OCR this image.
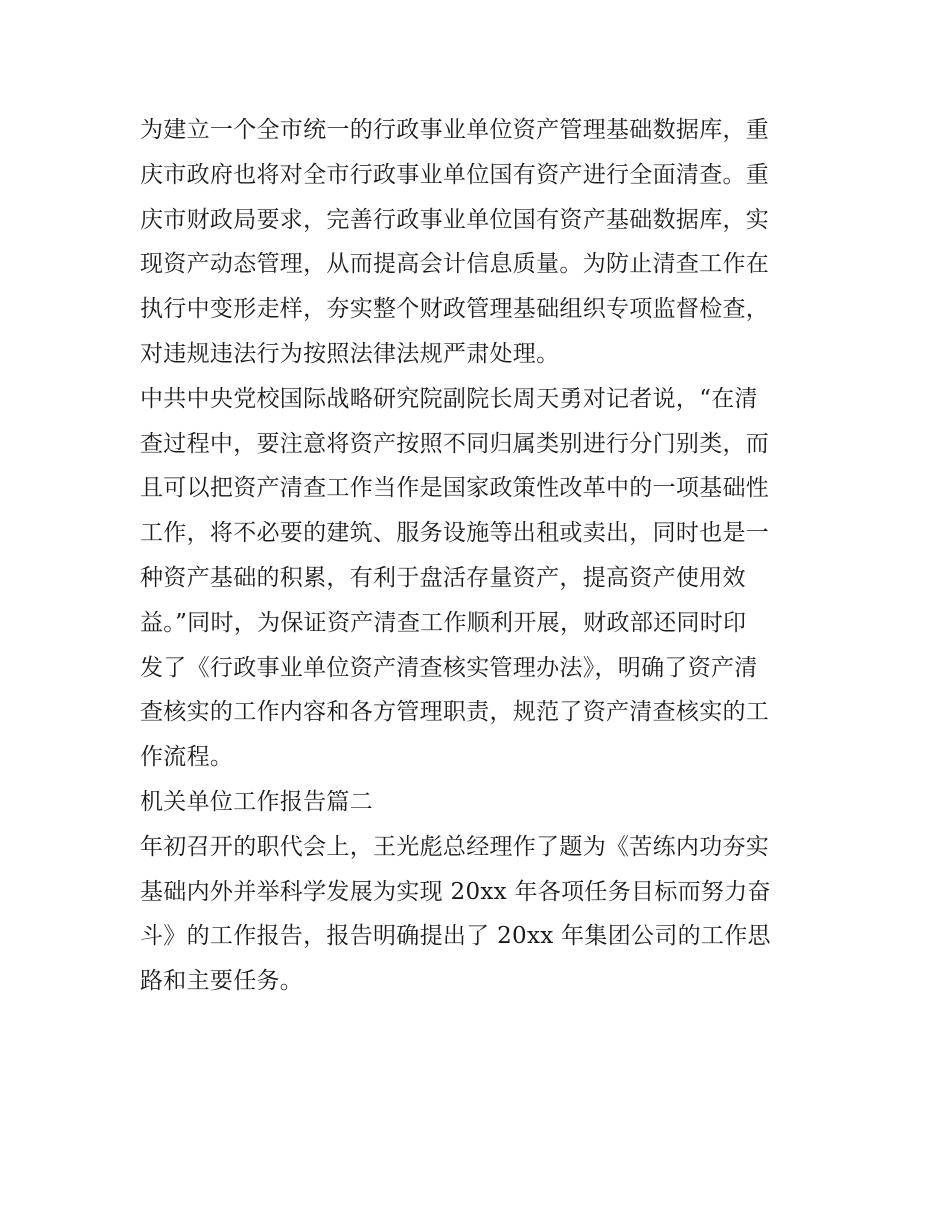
为建立一个全市统一的行政事业单位资产管理基础数据库，重
庆市政府也将对全市行政事业单位国有资产进行全面清查。重
庆市财政局要求，完善行政事业单位国有资产基础数据库，实
现资产动态管理，从而提高会计信息质量。为防止清查工作在
执行中变形走样，夯实整个财政管理基础组织专项监督检查，
对违规违法行为按照法律法规严肃处理。
中共中央党校国际战略研究院副院长周天勇对记者说，“在清
查过程中，要注意将资产按照不同归属类别进行分门别类，而
且可以把资产清查工作当作是国家政策性改革中的一项基础性
工作，将不必要的建筑、服务设施等出租或卖出，同时也是一
种资产基础的积累，有利于盘活存量资产，提高资产使用效
益。”同时，为保证资产清查工作顺利开展，财政部还同时印
发了《行政事业单位资产清查核实管理办法》，明确了资产清
查核实的工作内容和各方管理职责，规范了资产清查核实的工
作流程。
机关单位工作报告篇二
年初召开的职代会上，王光彪总经理作了题为《苦练内功夯实
基础内外并举科学发展为实现 20xx 年各项任务目标而努力奋
斗》的工作报告，报告明确提出了 20xx 年集团公司的工作思
路和主要任务。
